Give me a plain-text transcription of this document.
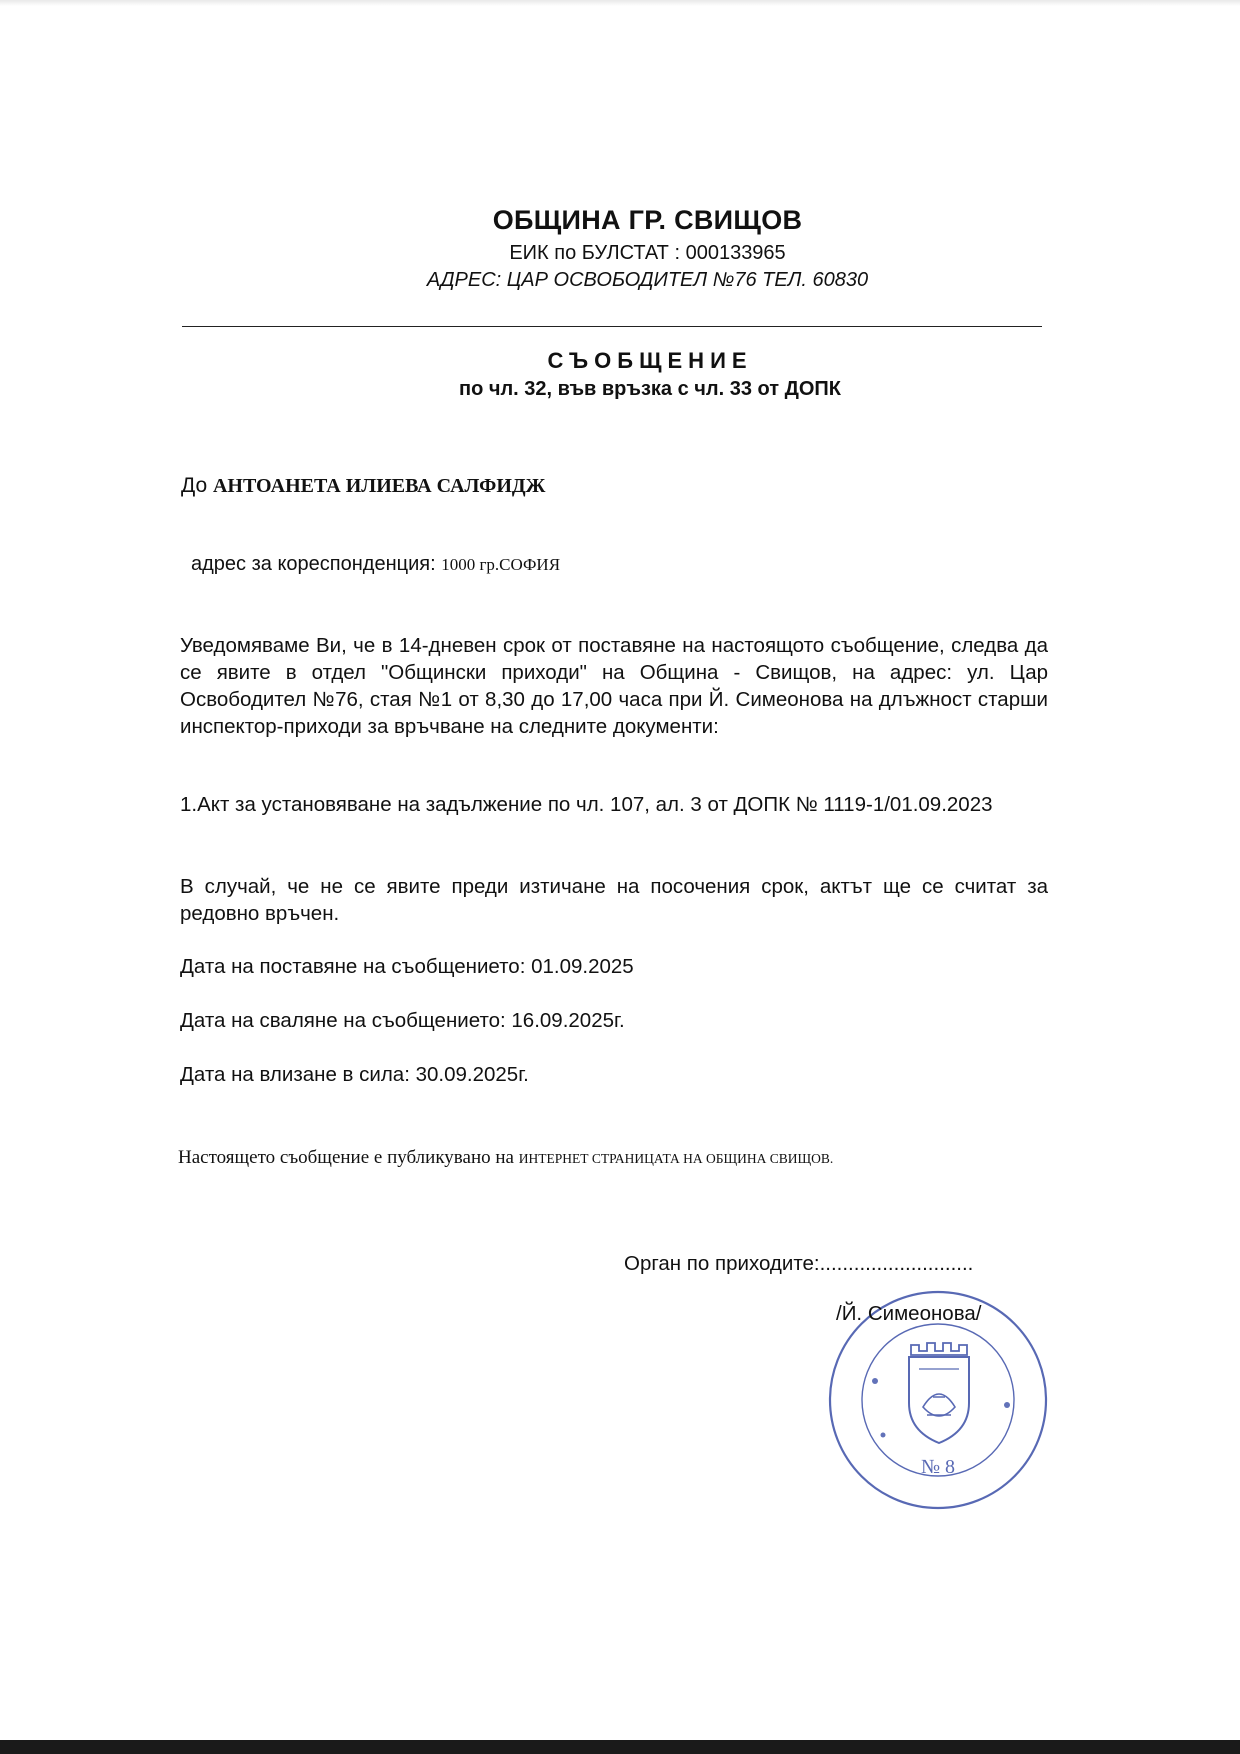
ОБЩИНА ГР. СВИЩОВ
ЕИК по БУЛСТАТ : 000133965
АДРЕС: ЦАР ОСВОБОДИТЕЛ №76 ТЕЛ. 60830
СЪОБЩЕНИЕ
по чл. 32, във връзка с чл. 33 от ДОПК
До АНТОАНЕТА ИЛИЕВА САЛФИДЖ
адрес за кореспонденция: 1000 гр.СОФИЯ
Уведомяваме Ви, че в 14-дневен срок от поставяне на настоящото съобщение, следва да се явите в отдел "Общински приходи" на Община - Свищов, на адрес: ул. Цар Освободител №76, стая №1 от 8,30 до 17,00 часа при Й. Симеонова на длъжност старши инспектор-приходи за връчване на следните документи:
1.Акт за установяване на задължение по чл. 107, ал. 3 от ДОПК № 1119-1/01.09.2023
В случай, че не се явите преди изтичане на посочения срок, актът ще се считат за редовно връчен.
Дата на поставяне на съобщението: 01.09.2025
Дата на сваляне на съобщението: 16.09.2025г.
Дата на влизане в сила: 30.09.2025г.
Настоящето съобщение е публикувано на ИНТЕРНЕТ СТРАНИЦАТА НА ОБЩИНА СВИЩОВ.
Орган по приходите:...........................
№ 8
/Й. Симеонова/
